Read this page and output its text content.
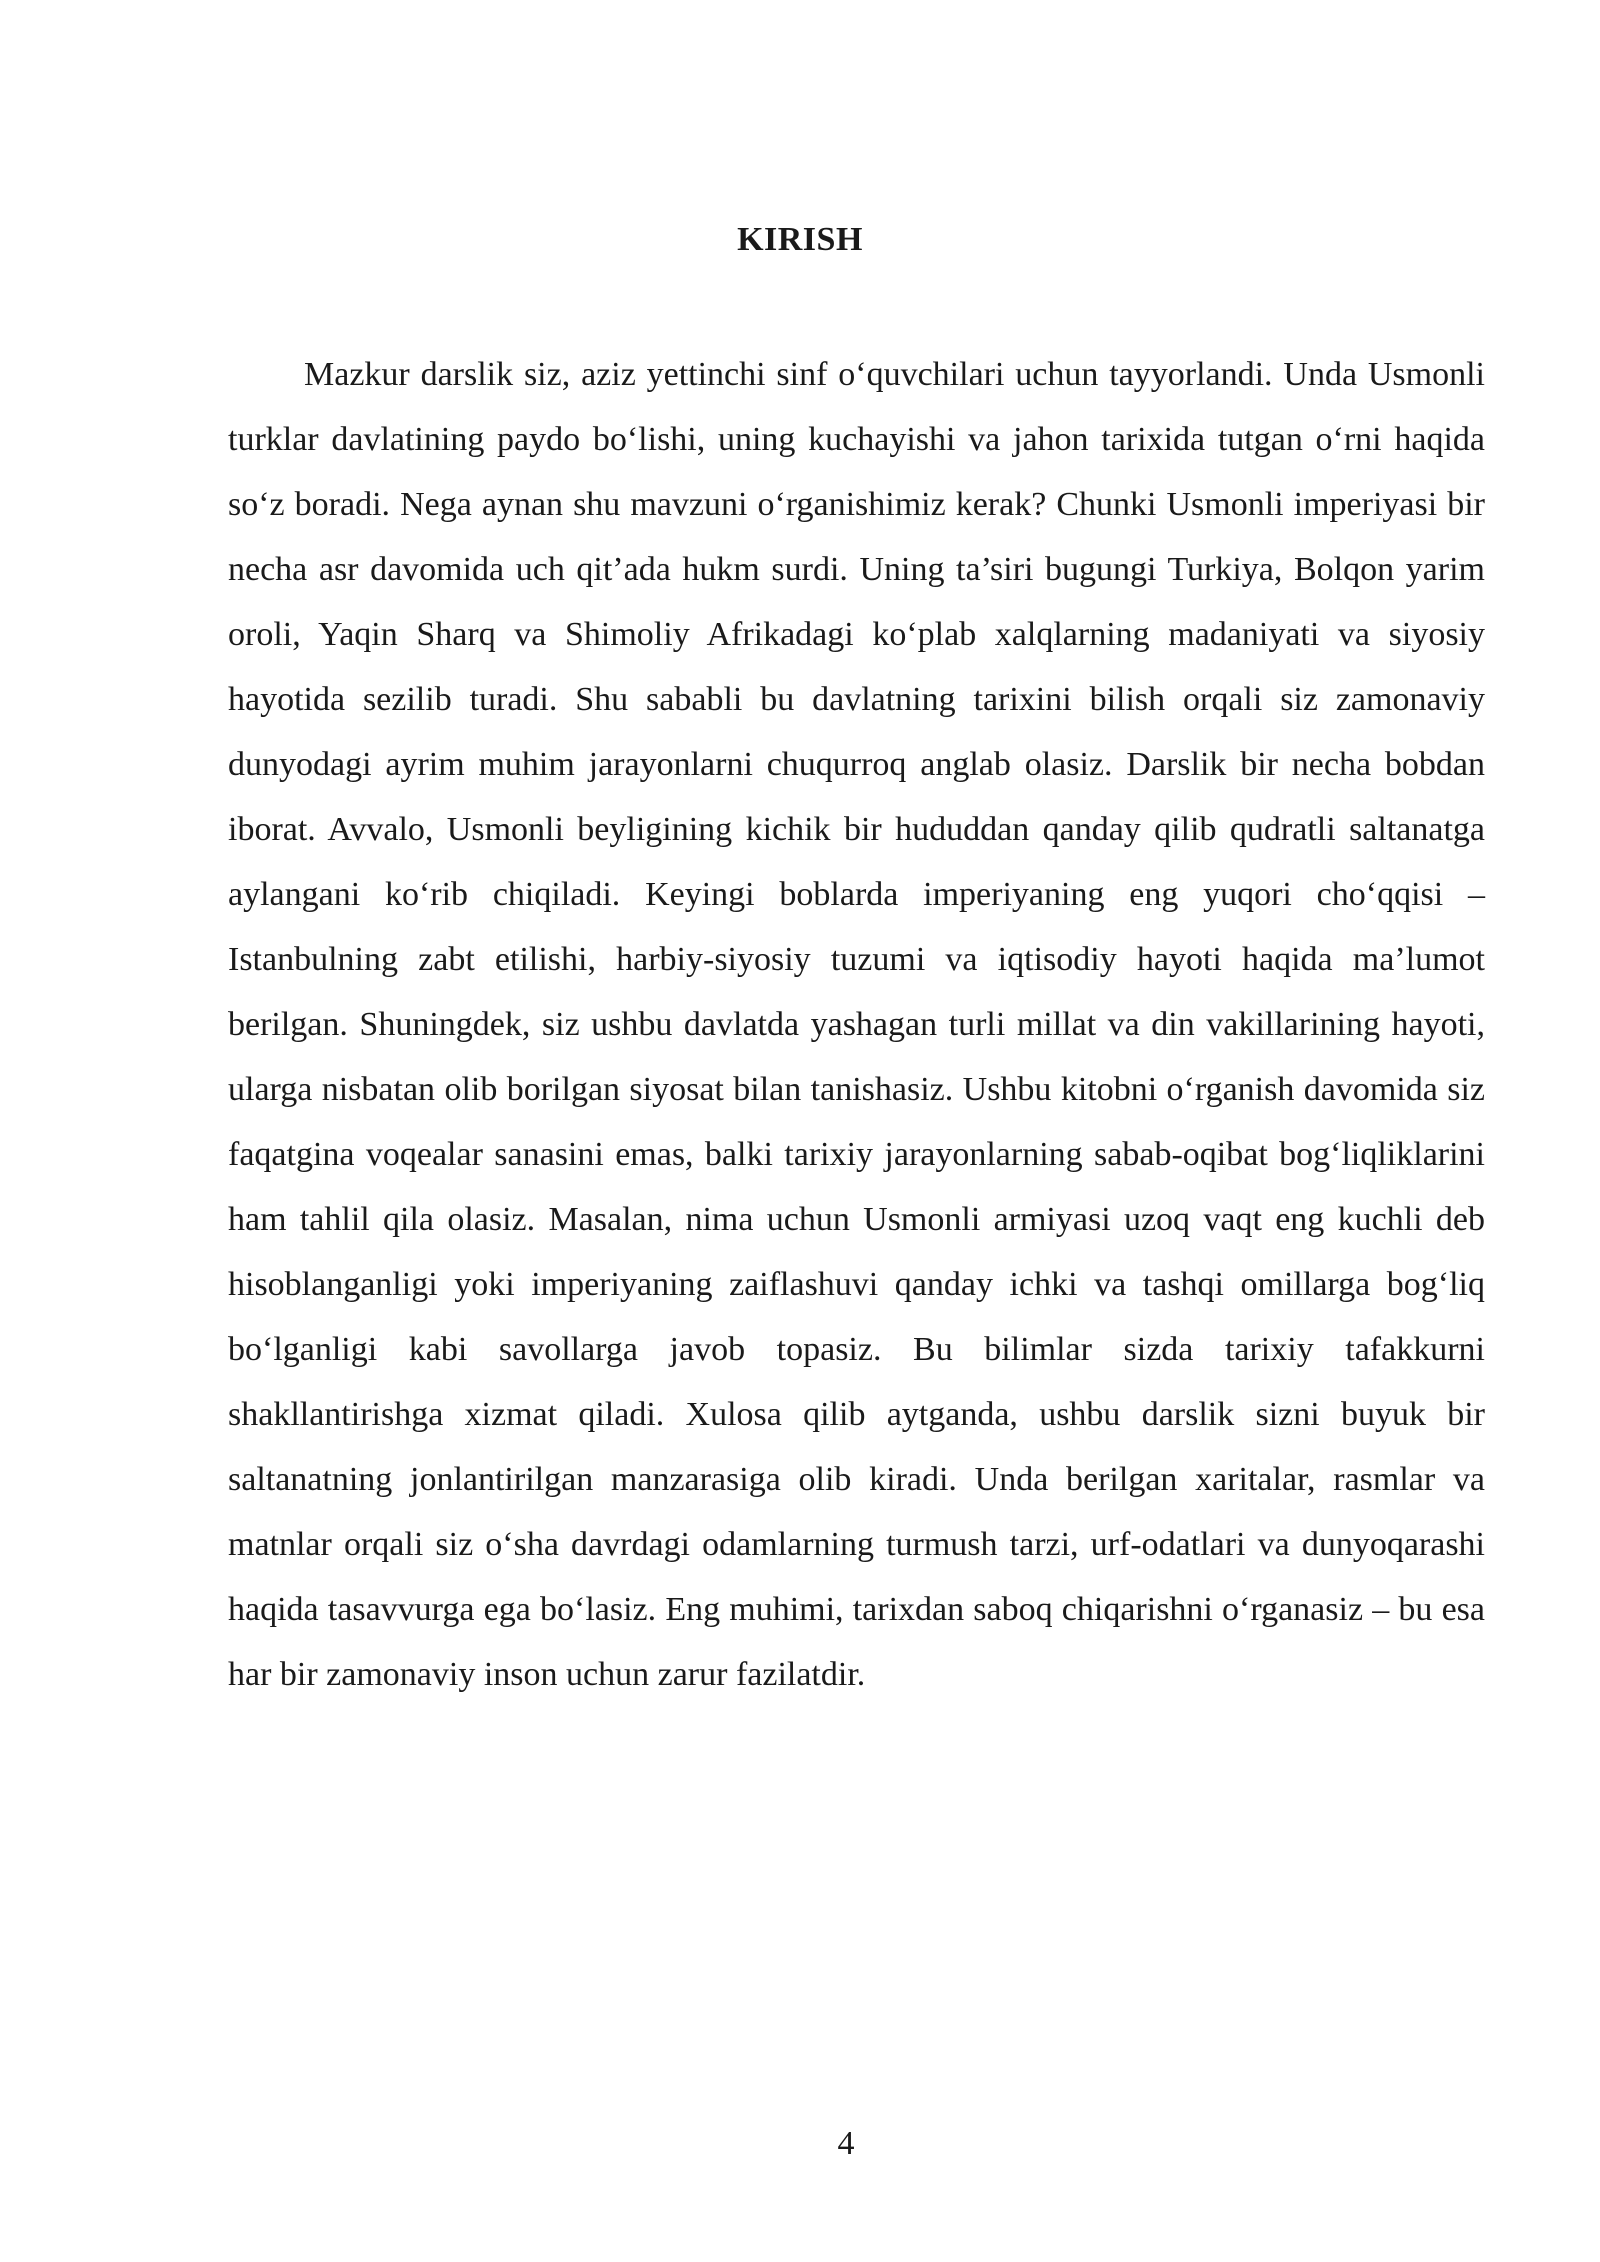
KIRISH

Mazkur darslik siz, aziz yettinchi sinf o‘quvchilari uchun tayyorlandi. Unda Usmonli turklar davlatining paydo bo‘lishi, uning kuchayishi va jahon tarixida tutgan o‘rni haqida so‘z boradi. Nega aynan shu mavzuni o‘rganishimiz kerak? Chunki Usmonli imperiyasi bir necha asr davomida uch qit’ada hukm surdi. Uning ta’siri bugungi Turkiya, Bolqon yarim oroli, Yaqin Sharq va Shimoliy Afrikadagi ko‘plab xalqlarning madaniyati va siyosiy hayotida sezilib turadi. Shu sababli bu davlatning tarixini bilish orqali siz zamonaviy dunyodagi ayrim muhim jarayonlarni chuqurroq anglab olasiz. Darslik bir necha bobdan iborat. Avvalo, Usmonli beyligining kichik bir hududdan qanday qilib qudratli saltanatga aylangani ko‘rib chiqiladi. Keyingi boblarda imperiyaning eng yuqori cho‘qqisi – Istanbulning zabt etilishi, harbiy-siyosiy tuzumi va iqtisodiy hayoti haqida ma’lumot berilgan. Shuningdek, siz ushbu davlatda yashagan turli millat va din vakillarining hayoti, ularga nisbatan olib borilgan siyosat bilan tanishasiz. Ushbu kitobni o‘rganish davomida siz faqatgina voqealar sanasini emas, balki tarixiy jarayonlarning sabab-oqibat bog‘liqliklarini ham tahlil qila olasiz. Masalan, nima uchun Usmonli armiyasi uzoq vaqt eng kuchli deb hisoblanganligi yoki imperiyaning zaiflashuvi qanday ichki va tashqi omillarga bog‘liq bo‘lganligi kabi savollarga javob topasiz. Bu bilimlar sizda tarixiy tafakkurni shakllantirishga xizmat qiladi. Xulosa qilib aytganda, ushbu darslik sizni buyuk bir saltanatning jonlantirilgan manzarasiga olib kiradi. Unda berilgan xaritalar, rasmlar va matnlar orqali siz o‘sha davrdagi odamlarning turmush tarzi, urf-odatlari va dunyoqarashi haqida tasavvurga ega bo‘lasiz. Eng muhimi, tarixdan saboq chiqarishni o‘rganasiz – bu esa har bir zamonaviy inson uchun zarur fazilatdir.

4
